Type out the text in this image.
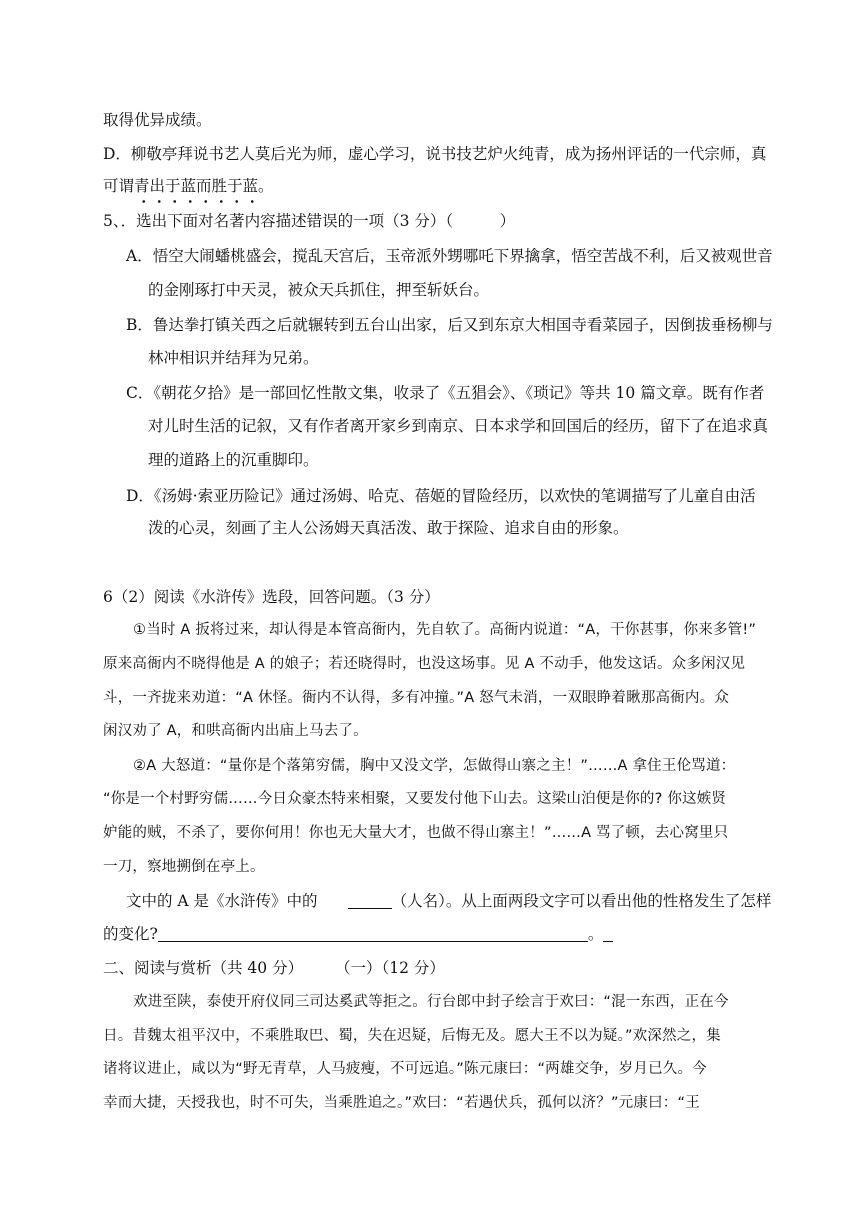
取得优异成绩。
D．柳敬亭拜说书艺人莫后光为师，虚心学习，说书技艺炉火纯青，成为扬州评话的一代宗师，真
可谓青出于蓝而胜于蓝。
5、．选出下面对名著内容描述错误的一项（3 分）（　　　）
A．悟空大闹蟠桃盛会，搅乱天宫后，玉帝派外甥哪吒下界擒拿，悟空苦战不利，后又被观世音
的金刚琢打中天灵，被众天兵抓住，押至斩妖台。
B．鲁达拳打镇关西之后就辗转到五台山出家，后又到东京大相国寺看菜园子，因倒拔垂杨柳与
林冲相识并结拜为兄弟。
C．《朝花夕拾》是一部回忆性散文集，收录了《五猖会》、《琐记》等共 10 篇文章。既有作者
对儿时生活的记叙，又有作者离开家乡到南京、日本求学和回国后的经历，留下了在追求真
理的道路上的沉重脚印。
D．《汤姆·索亚历险记》通过汤姆、哈克、蓓姬的冒险经历，以欢快的笔调描写了儿童自由活
泼的心灵，刻画了主人公汤姆天真活泼、敢于探险、追求自由的形象。
6（2）阅读《水浒传》选段，回答问题。（3 分）
①当时 A 扳将过来，却认得是本管高衙内，先自软了。高衙内说道：“A，干你甚事，你来多管!”
原来高衙内不晓得他是 A 的娘子；若还晓得时，也没这场事。见 A 不动手，他发这话。众多闲汉见
斗，一齐拢来劝道：“A 休怪。衙内不认得，多有冲撞。”A 怒气未消，一双眼睁着瞅那高衙内。众
闲汉劝了 A，和哄高衙内出庙上马去了。
②A 大怒道：“量你是个落第穷儒，胸中又没文学，怎做得山寨之主！”……A 拿住王伦骂道：
“你是一个村野穷儒……今日众豪杰特来相聚，又要发付他下山去。这梁山泊便是你的? 你这嫉贤
妒能的贼，不杀了，要你何用！你也无大量大才，也做不得山寨主！”……A 骂了顿，去心窝里只
一刀，察地搠倒在亭上。
文中的 A 是《水浒传》中的	（人名）。从上面两段文字可以看出他的性格发生了怎样
的变化?	。
二、阅读与赏析（共 40 分） （一）（12 分）
欢进至陕，泰使开府仪同三司达奚武等拒之。行台郎中封子绘言于欢曰：“混一东西，正在今
日。昔魏太祖平汉中，不乘胜取巴、蜀，失在迟疑，后悔无及。愿大王不以为疑。”欢深然之，集
诸将议进止，咸以为“野无青草，人马疲瘦，不可远追。”陈元康曰：“两雄交争，岁月已久。今
幸而大捷，天授我也，时不可失，当乘胜追之。”欢曰：“若遇伏兵，孤何以济？”元康曰：“王
